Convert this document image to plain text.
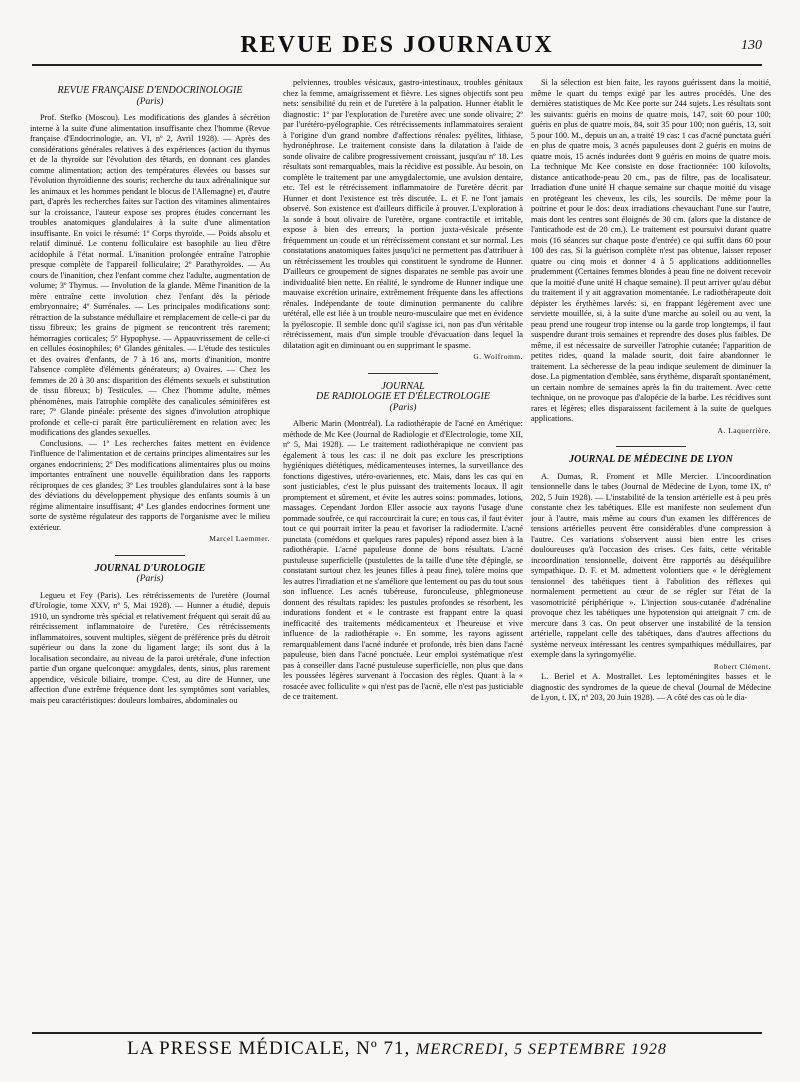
REVUE DES JOURNAUX	130
REVUE FRANÇAISE D'ENDOCRINOLOGIE
(Paris)

Prof. Stefko (Moscou). Les modifications des glandes à sécrétion interne à la suite d'une alimentation insuffisante chez l'homme (Revue française d'Endocrinologie, an. VI, nº 2, Avril 1928). — Après des considérations générales relatives à des expériences (action du thymus et de la thyroïde sur l'évolution des têtards, en donnant ces glandes comme alimentation; action des températures élevées ou basses sur l'évolution thyroïdienne des souris; recherche du taux adrénalinique sur les animaux et les hommes pendant le blocus de l'Allemagne) et, d'autre part, d'après les recherches faites sur l'action des vitamines alimentaires sur la croissance, l'auteur expose ses propres études concernant les troubles anatomiques glandulaires à la suite d'une alimentation insuffisante. En voici le résumé: 1º Corps thyroïde. — Poids absolu et relatif diminué. Le contenu folliculaire est basophile au lieu d'être acidophile à l'état normal. L'inanition prolongée entraîne l'atrophie presque complète de l'appareil folliculaire; 2º Parathyroïdes. — Au cours de l'inanition, chez l'enfant comme chez l'adulte, augmentation de volume; 3º Thymus. — Involution de la glande. Même l'inanition de la mère entraîne cette involution chez l'enfant dès la période embryonnaire; 4º Surrénales. — Les principales modifications sont: rétraction de la substance médullaire et remplacement de celle-ci par du tissu fibreux; les grains de pigment se rencontrent très rarement; hémorragies corticales; 5º Hypophyse. — Appauvrissement de celle-ci en cellules éosinophiles; 6º Glandes génitales. — L'étude des testicules et des ovaires d'enfants, de 7 à 16 ans, morts d'inanition, montre l'absence complète d'éléments générateurs; a) Ovaires. — Chez les femmes de 20 à 30 ans: disparition des éléments sexuels et substitution de tissu fibreux; b) Testicules. — Chez l'homme adulte, mêmes phénomènes, mais l'atrophie complète des canalicules séminifères est rare; 7º Glande pinéale: présente des signes d'involution atrophique profonde et celle-ci paraît être particulièrement en relation avec les modifications des glandes sexuelles.

Conclusions. — 1º Les recherches faites mettent en évidence l'influence de l'alimentation et de certains principes alimentaires sur les organes endocriniens; 2º Des modifications alimentaires plus ou moins importantes entraînent une nouvelle équilibration dans les rapports réciproques de ces glandes; 3º Les troubles glandulaires sont à la base des déviations du développement physique des enfants soumis à un régime alimentaire insuffisant; 4º Les glandes endocrines forment une sorte de système régulateur des rapports de l'organisme avec le milieu extérieur.

Marcel Laemmer.
JOURNAL D'UROLOGIE
(Paris)

Legueu et Fey (Paris). Les rétrécissements de l'uretère (Journal d'Urologie, tome XXV, nº 5, Mai 1928). — Hunner a étudié, depuis 1910, un syndrome très spécial et relativement fréquent qui serait dû au rétrécissement inflammatoire de l'uretère. Ces rétrécissements inflammatoires, souvent multiples, siègent de préférence près du détroit supérieur ou dans la zone du ligament large; ils sont dus à la localisation secondaire, au niveau de la paroi urétérale, d'une infection partie d'un organe quelconque: amygdales, dents, sinus, plus rarement appendice, vésicule biliaire, trompe. C'est, au dire de Hunner, une affection d'une extrême fréquence dont les symptômes sont variables, mais peu caractéristiques: douleurs lombaires, abdominales ou

pelviennes, troubles vésicaux, gastro-intestinaux, troubles génitaux chez la femme, amaigrissement et fièvre. Les signes objectifs sont peu nets: sensibilité du rein et de l'uretère à la palpation. Hunner établit le diagnostic: 1º par l'exploration de l'uretère avec une sonde olivaire; 2º par l'urétéro-pyélographie. Ces rétrécissements inflammatoires seraient à l'origine d'un grand nombre d'affections rénales: pyélites, lithiase, hydronéphrose. Le traitement consiste dans la dilatation à l'aide de sonde olivaire de calibre progressivement croissant, jusqu'au nº 18. Les résultats sont remarquables, mais la récidive est possible. Au besoin, on complète le traitement par une amygdalectomie, une avulsion dentaire, etc. Tel est le rétrécissement inflammatoire de l'uretère décrit par Hunner et dont l'existence est très discutée. L. et F. ne l'ont jamais observé. Son existence est d'ailleurs difficile à prouver. L'exploration à la sonde à bout olivaire de l'uretère, organe contractile et irritable, expose à bien des erreurs; la portion juxta-vésicale présente fréquemment un coude et un rétrécissement constant et sur normal. Les constatations anatomiques faites jusqu'ici ne permettent pas d'attribuer à un rétrécissement les troubles qui constituent le syndrome de Hunner. D'ailleurs ce groupement de signes disparates ne semble pas avoir une individualité bien nette. En réalité, le syndrome de Hunner indique une mauvaise excrétion urinaire, extrêmement fréquente dans les affections rénales. Indépendante de toute diminution permanente du calibre urétéral, elle est liée à un trouble neuro-musculaire que met en évidence la pyéloscopie. Il semble donc qu'il s'agisse ici, non pas d'un véritable rétrécissement, mais d'un simple trouble d'évacuation dans lequel la dilatation agit en diminuant ou en supprimant le spasme.

G. Wolfromm.
JOURNAL
DE RADIOLOGIE ET D'ÉLECTROLOGIE
(Paris)

Alberic Marin (Montréal). La radiothérapie de l'acné en Amérique: méthode de Mc Kee (Journal de Radiologie et d'Electrologie, tome XII, nº 5, Mai 1928). — Le traitement radiothérapique ne convient pas également à tous les cas: il ne doit pas exclure les prescriptions hygiéniques diététiques, médicamenteuses internes, la surveillance des fonctions digestives, utéro-ovariennes, etc. Mais, dans les cas qui en sont justiciables, c'est le plus puissant des traitements locaux. Il agit promptement et sûrement, et évite les autres soins: pommades, lotions, massages. Cependant Jordon Eller associe aux rayons l'usage d'une pommade soufrée, ce qui raccourcirait la cure; en tous cas, il faut éviter tout ce qui pourrait irriter la peau et favoriser la radiodermite. L'acné punctata (comédons et quelques rares papules) répond assez bien à la radiothérapie. L'acné papuleuse donne de bons résultats. L'acné pustuleuse superficielle (pustulettes de la taille d'une tête d'épingle, se constatant surtout chez les jeunes filles à peau fine), tolère moins que les autres l'irradiation et ne s'améliore que lentement ou pas du tout sous son influence. Les acnés tubéreuse, furonculeuse, phlegmoneuse donnent des résultats rapides: les pustules profondes se résorbent, les indurations fondent et « le contraste est frappant entre la quasi inefficacité des traitements médicamenteux et l'heureuse et vive influence de la radiothérapie ». En somme, les rayons agissent remarquablement dans l'acné indurée et profonde, très bien dans l'acné papuleuse, bien dans l'acné ponctuée. Leur emploi systématique n'est pas à conseiller dans l'acné pustuleuse superficielle, non plus que dans les poussées légères survenant à l'occasion des règles. Quant à la « rosacée avec folliculite » qui n'est pas de l'acné, elle n'est pas justiciable de ce traitement.

Si la sélection est bien faite, les rayons guérissent dans la moitié, même le quart du temps exigé par les autres procédés. Une des dernières statistiques de Mc Kee porte sur 244 sujets. Les résultats sont les suivants: guéris en moins de quatre mois, 147, soit 60 pour 100; guéris en plus de quatre mois, 84, soit 35 pour 100; non guéris, 13, soit 5 pour 100. M., depuis un an, a traité 19 cas: 1 cas d'acné punctata guéri en plus de quatre mois, 3 acnés papuleuses dont 2 guéris en moins de quatre mois, 15 acnés indurées dont 9 guéris en moins de quatre mois. La technique Mc Kee consiste en dose fractionnée: 100 kilovolts, distance anticathode-peau 20 cm., pas de filtre, pas de localisateur. Irradiation d'une unité H chaque semaine sur chaque moitié du visage en protégeant les cheveux, les cils, les sourcils. De même pour la poitrine et pour le dos: deux irradiations chevauchant l'une sur l'autre, mais dont les centres sont éloignés de 30 cm. (alors que la distance de l'anticathode est de 20 cm.). Le traitement est poursuivi durant quatre mois (16 séances sur chaque poste d'entrée) ce qui suffit dans 60 pour 100 des cas. Si la guérison complète n'est pas obtenue, laisser reposer quatre ou cinq mois et donner 4 à 5 applications additionnelles prudemment (Certaines femmes blondes à peau fine ne doivent recevoir que la moitié d'une unité H chaque semaine). Il peut arriver qu'au début du traitement il y ait aggravation momentanée. Le radiothérapeute doit dépister les érythèmes larvés: si, en frappant légèrement avec une serviette mouillée, si, à la suite d'une marche au soleil ou au vent, la peau prend une rougeur trop intense ou la garde trop longtemps, il faut suspendre durant trois semaines et reprendre des doses plus faibles. De même, il est nécessaire de surveiller l'atrophie cutanée; l'apparition de petites rides, quand la malade sourit, doit faire abandonner le traitement. La sécheresse de la peau indique seulement de diminuer la dose. La pigmentation d'emblée, sans érythème, disparaît spontanément, un certain nombre de semaines après la fin du traitement. Avec cette technique, on ne provoque pas d'alopécie de la barbe. Les récidives sont rares et légères; elles disparaissent facilement à la suite de quelques applications.

A. Laquerrière.
JOURNAL DE MÉDECINE DE LYON

A. Dumas, R. Froment et Mlle Mercier. L'incoordination tensionnelle dans le tabes (Journal de Médecine de Lyon, tome IX, nº 202, 5 Juin 1928). — L'instabilité de la tension artérielle est à peu près constante chez les tabétiques. Elle est manifeste non seulement d'un jour à l'autre, mais même au cours d'un examen les différences de tensions artérielles peuvent être considérables d'une compression à l'autre. Ces variations s'observent aussi bien entre les crises douloureuses qu'à l'occasion des crises. Ces faits, cette véritable incoordination tensionnelle, doivent être rapportés au déséquilibre sympathique. D. F. et M. admettent volontiers que « le dérèglement tensionnel des tabétiques tient à l'abolition des réflexes qui normalement permettent au cœur de se régler sur l'état de la vasomotricité périphérique ». L'injection sous-cutanée d'adrénaline provoque chez les tabétiques une hypotension qui atteignait 7 cm. de mercure dans 3 cas. On peut observer une instabilité de la tension artérielle, rappelant celle des tabétiques, dans d'autres affections du système nerveux intéressant les centres sympathiques médullaires, par exemple dans la syringomyélie.

Robert Clément.

L. Beriel et A. Mostrallet. Les leptoméningites basses et le diagnostic des syndromes de la queue de cheval (Journal de Médecine de Lyon, t. IX, nº 203, 20 Juin 1928). — A côté des cas où le dia-

LA PRESSE MÉDICALE, Nº 71, MERCREDI, 5 SEPTEMBRE 1928
